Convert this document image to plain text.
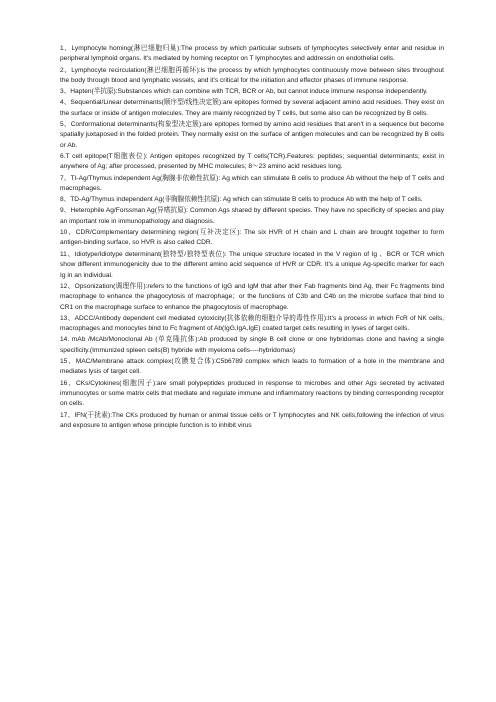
1、Lymphocyte homing(淋巴细胞归巢):The process by which particular subsets of lymphocytes selectively enter and residue in peripheral lymphoid organs. It's mediated by homing receptor on T lymphocytes and addressin on endothelial cells.

2、Lymphocyte recirculation(淋巴细胞再循环):is the process by which lymphocytes continuously move between sites throughout the body through blood and lymphatic vessels, and it's critical for the initiation and effector phases of immune response.

3、Hapten(半抗原):Substances which can combine with TCR, BCR or Ab, but cannot induce immune response independently.

4、Sequential/Linear determinants(顺序型/线性决定簇):are epitopes formed by several adjacent amino acid residues. They exist on the surface or inside of antigen molecules. They are mainly recognized by T cells, but some also can be recognized by B cells.

5、Conformational determinants(构象型决定簇):are epitopes formed by amino acid residues that aren't in a sequence but become spatially juxtaposed in the folded protein. They normally exist on the surface of antigen molecules and can be recognized by B cells or Ab.

6.T cell epitope(T细胞表位): Antigen epitopes recognized by T cells(TCR).Features: peptides; sequential determinants; exist in anywhere of Ag; after processed, presented by MHC molecules; 8～23 amino acid residues long.

7、TI-Ag/Thymus independent Ag(胸腺非依赖性抗原): Ag which can stimulate B cells to produce Ab without the help of T cells and macrophages.

8、TD-Ag/Thymus independent Ag(非胸腺依赖性抗原): Ag which can stimulate B cells to produce Ab with the help of T cells.

9、Heterophile Ag/Forssman Ag(异嗜抗原): Common Ags shared by different species. They have no specificity of species and play an important role in immunopathology and diagnosis.

10、CDR/Complementary determining region(互补决定区): The six HVR of H chain and L chain are brought together to form antigen-binding surface, so HVR is also called CDR.

11、Idiotype/Idiotype determinant(独特型/独特型表位): The unique structure located in the V region of Ig 、BCR or TCR which show different immunogenicity due to the different amino acid sequence of HVR or CDR. It's a unique Ag-specific marker for each Ig in an individual.

12、Opsonization(调理作用):refers to the functions of IgG and IgM that after their Fab fragments bind Ag, their Fc fragments bind macrophage to enhance the phagocytosis of macrophage；or the functions of C3b and C4b on the microbe surface that bind to CR1 on the macrophage surface to enhance the phagocytosis of macrophage.

13、ADCC/Antibody dependent cell mediated cytoxicity(抗体依赖的细胞介导的毒性作用):It's a process in which FcR of NK cells, macrophages and monocytes bind to Fc fragment of Ab(IgG,IgA,IgE) coated target cells resulting in lyses of target cells.

14. mAb /McAb/Monoclonal Ab (单克隆抗体):Ab produced by single B cell clone or one hybridomas clone and having a single specificity.(Immunized spleen cells(B) hybride with myeloma cells----hybridomas)

15、MAC/Membrane attack complex(攻膜复合体):C5b6789 complex which leads to formation of a hole in the membrane and mediates lysis of target cell.

16、CKs/Cytokines(细胞因子):are small polypeptides produced in response to microbes and other Ags secreted by activated immunocytes or some matrix cells that mediate and regulate immune and inflammatory reactions by binding corresponding receptor on cells.

17、IFN(干扰素):The CKs produced by human or animal tissue cells or T lymphocytes and NK cells,following the infection of virus and exposure to antigen whose principle function is to inhibit virus
